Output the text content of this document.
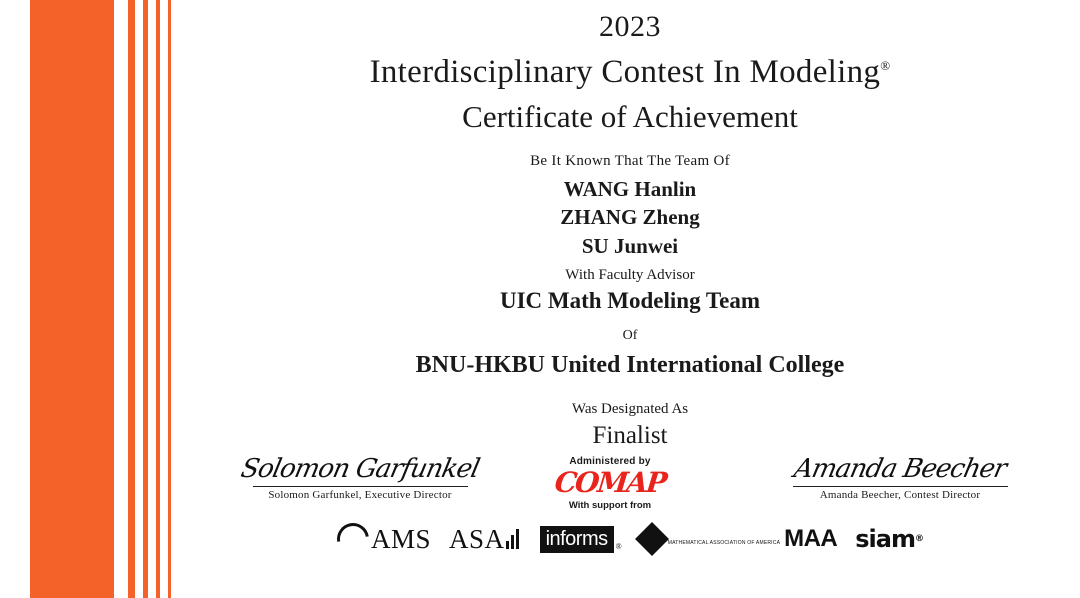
2023
Interdisciplinary Contest In Modeling®
Certificate of Achievement
Be It Known That The Team Of
WANG Hanlin
ZHANG Zheng
SU Junwei
With Faculty Advisor
UIC Math Modeling Team
Of
BNU-HKBU United International College
Was Designated As
Finalist
Solomon Garfunkel
Solomon Garfunkel, Executive Director
Amanda Beecher
Amanda Beecher, Contest Director
Administered by
COMAP
With support from
AMS ASA	informs	®	MATHEMATICAL ASSOCIATION OF AMERICA MAA siam ®
